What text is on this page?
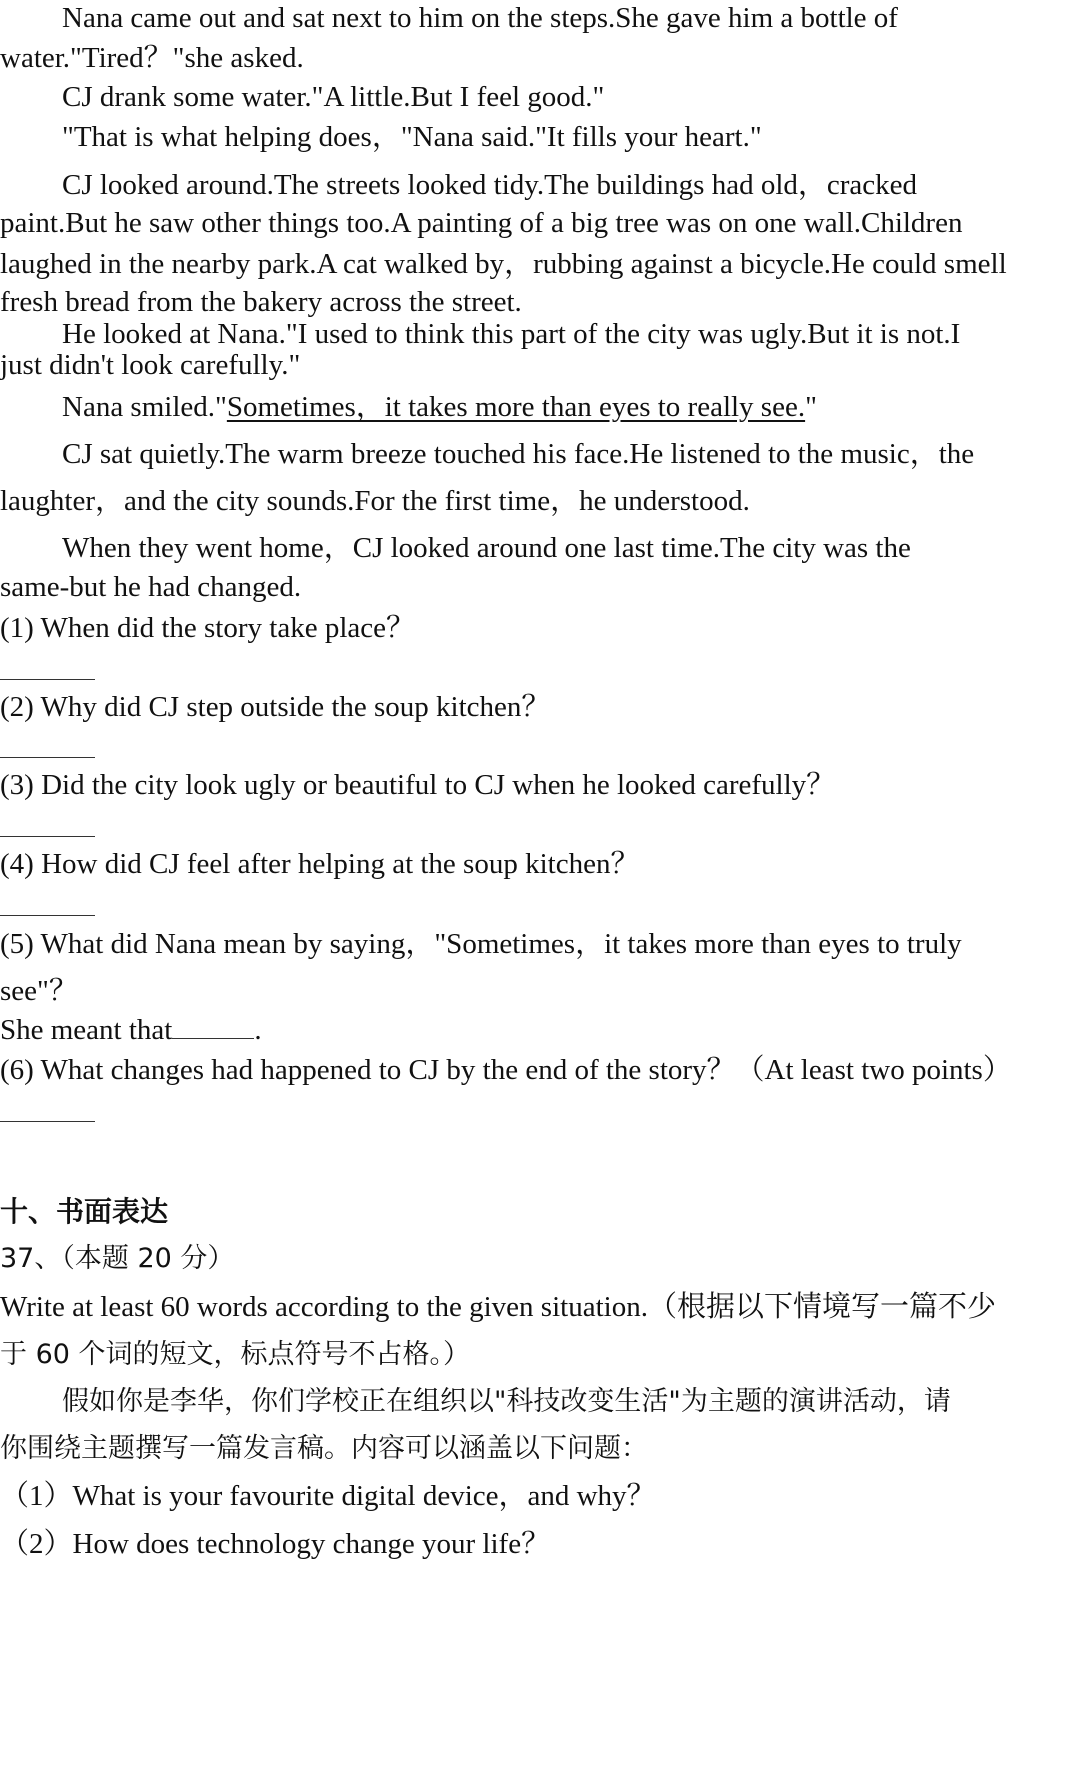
Nana came out and sat next to him on the steps.She gave him a bottle of
water."Tired？"she asked.
CJ drank some water."A little.But I feel good."
"That is what helping does，"Nana said."It fills your heart."
CJ looked around.The streets looked tidy.The buildings had old，cracked
paint.But he saw other things too.A painting of a big tree was on one wall.Children
laughed in the nearby park.A cat walked by，rubbing against a bicycle.He could smell
fresh bread from the bakery across the street.
He looked at Nana."I used to think this part of the city was ugly.But it is not.I
just didn't look carefully."
Nana smiled."Sometimes，it takes more than eyes to really see."
CJ sat quietly.The warm breeze touched his face.He listened to the music，the
laughter，and the city sounds.For the first time，he understood.
When they went home，CJ looked around one last time.The city was the
same-but he had changed.
(1) When did the story take place？
(2) Why did CJ step outside the soup kitchen？
(3) Did the city look ugly or beautiful to CJ when he looked carefully？
(4) How did CJ feel after helping at the soup kitchen？
(5) What did Nana mean by saying，"Sometimes，it takes more than eyes to truly
see"？
She meant that	.
(6) What changes had happened to CJ by the end of the story？（At least two points）
十、书面表达
37、（本题 20 分）
Write at least 60 words according to the given situation.（根据以下情境写一篇不少
于 60 个词的短文，标点符号不占格。）
假如你是李华，你们学校正在组织以"科技改变生活"为主题的演讲活动，请
你围绕主题撰写一篇发言稿。内容可以涵盖以下问题：
（1）What is your favourite digital device，and why？
（2）How does technology change your life？
